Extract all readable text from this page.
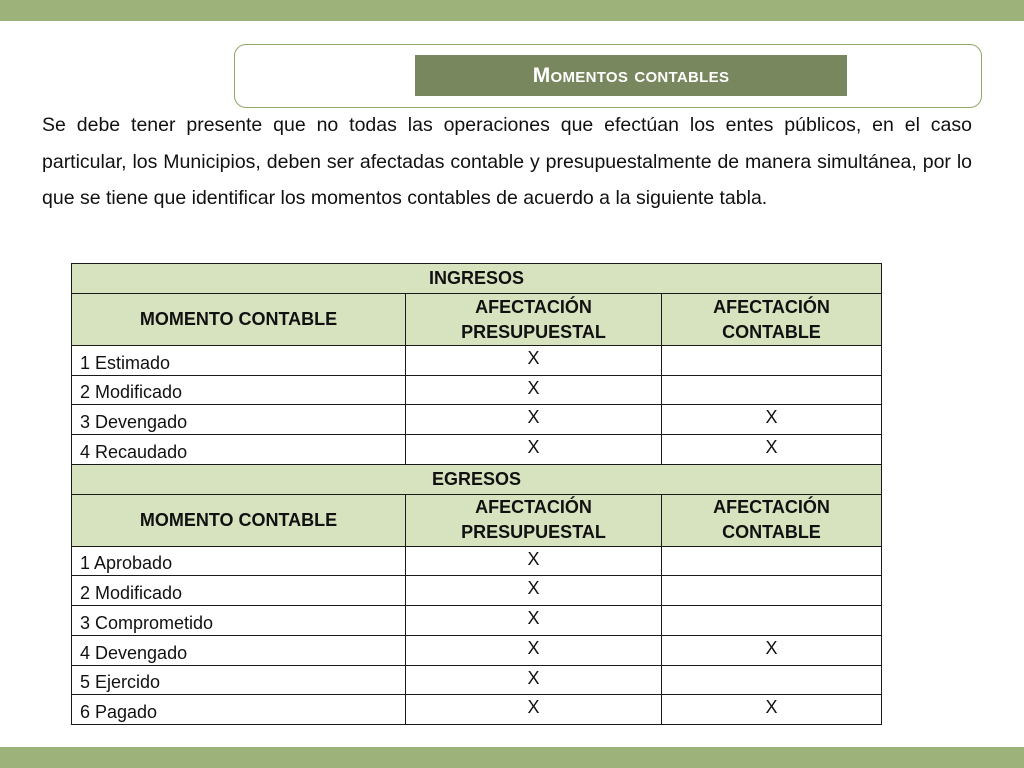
Momentos contables

Se debe tener presente que no todas las operaciones que efectúan los entes públicos, en el caso particular, los Municipios, deben ser afectadas contable y presupuestalmente de manera simultánea, por lo que se tiene que identificar los momentos contables de acuerdo a la siguiente tabla.

INGRESOS		
MOMENTO CONTABLE	AFECTACIÓN PRESUPUESTAL	AFECTACIÓN CONTABLE
1 Estimado	X	
2 Modificado	X	
3 Devengado	X	X
4 Recaudado	X	X
EGRESOS		
MOMENTO CONTABLE	AFECTACIÓN PRESUPUESTAL	AFECTACIÓN CONTABLE
1 Aprobado	X	
2 Modificado	X	
3 Comprometido	X	
4 Devengado	X	X
5 Ejercido	X	
6 Pagado	X	X
